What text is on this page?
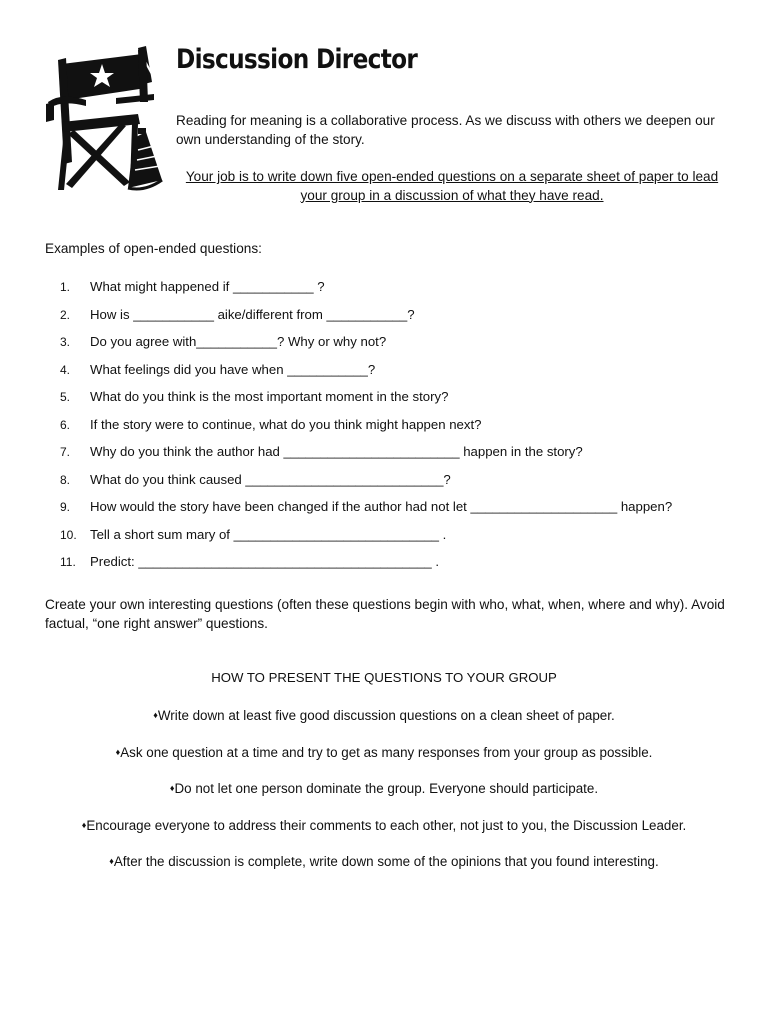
Discussion Director
Reading for meaning is a collaborative process. As we discuss with others we deepen our own understanding of the story.
Your job is to write down five open-ended questions on a separate sheet of paper to lead your group in a discussion of what they have read.
Examples of open-ended questions:
1.	What might happened if ___________ ?
2.	How is ___________ aike/different from ___________?
3.	Do you agree with___________? Why or why not?
4.	What feelings did you have when ___________?
5.	What do you think is the most important moment in the story?
6.	If the story were to continue, what do you think might happen next?
7.	Why do you think the author had ________________________ happen in the story?
8.	What do you think caused ___________________________?
9.	How would the story have been changed if the author had not let ____________________ happen?
10.	Tell a short sum mary of ____________________________ .
11.	Predict: ________________________________________ .
Create your own interesting questions (often these questions begin with who, what, when, where and why). Avoid factual, “one right answer” questions.
HOW TO PRESENT THE QUESTIONS TO YOUR GROUP
♦Write down at least five good discussion questions on a clean sheet of paper.
♦Ask one question at a time and try to get as many responses from your group as possible.
♦Do not let one person dominate the group. Everyone should participate.
♦Encourage everyone to address their comments to each other, not just to you, the Discussion Leader.
♦After the discussion is complete, write down some of the opinions that you found interesting.
